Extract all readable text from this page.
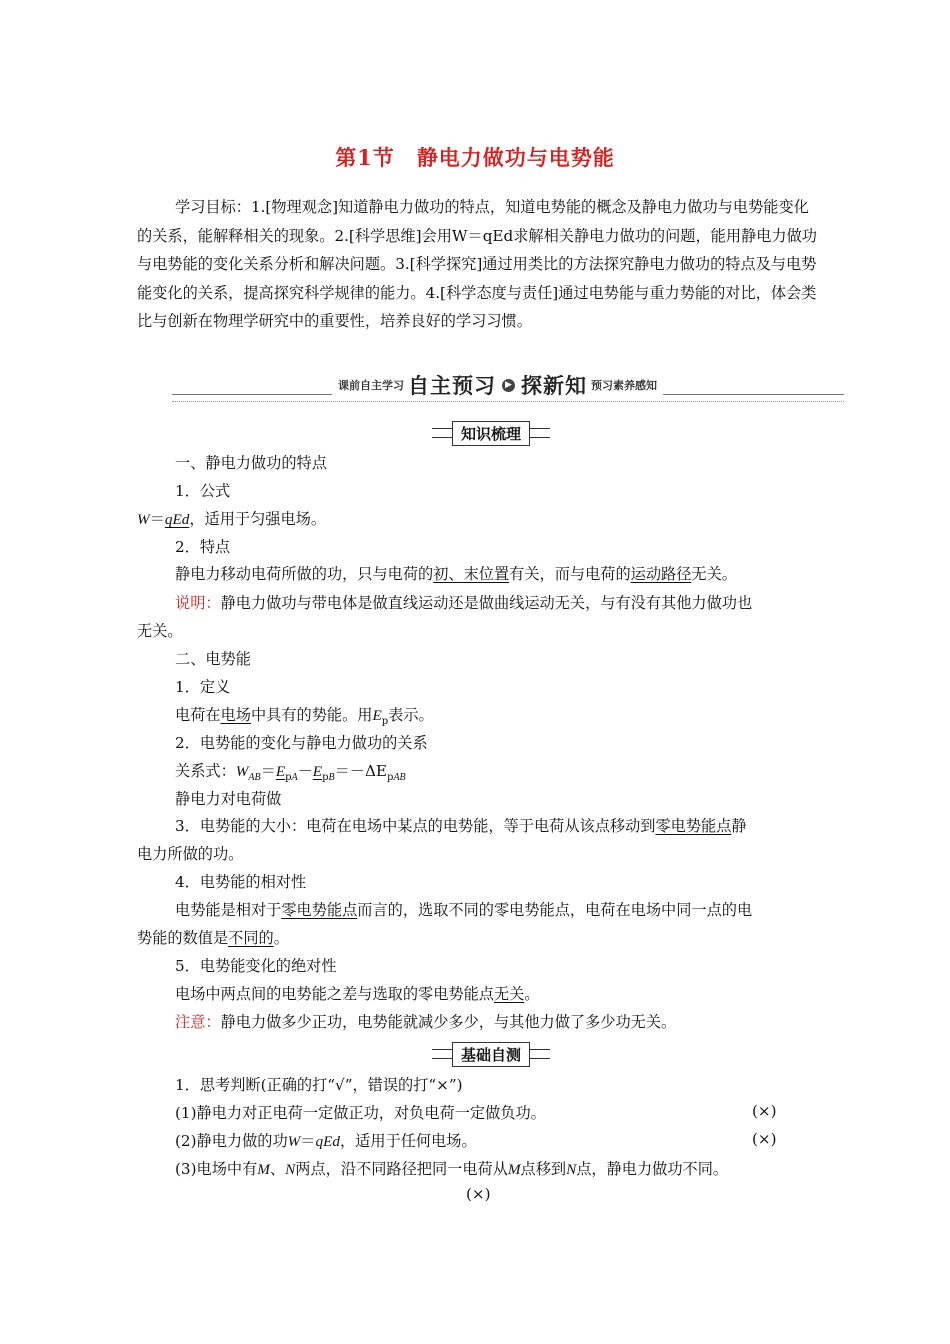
第1节 静电力做功与电势能

学习目标：1.[物理观念]知道静电力做功的特点，知道电势能的概念及静电力做功与电势能变化的关系，能解释相关的现象。2.[科学思维]会用W＝qEd求解相关静电力做功的问题，能用静电力做功与电势能的变化关系分析和解决问题。3.[科学探究]通过用类比的方法探究静电力做功的特点及与电势能变化的关系，提高探究科学规律的能力。4.[科学态度与责任]通过电势能与重力势能的对比，体会类比与创新在物理学研究中的重要性，培养良好的学习习惯。

课前自主学习 自主预习	▶ 探新知 预习素养感知
知识梳理
一、静电力做功的特点
1．公式
W＝qEd，适用于匀强电场。
2．特点
静电力移动电荷所做的功，只与电荷的初、末位置有关，而与电荷的运动路径无关。
说明：静电力做功与带电体是做直线运动还是做曲线运动无关，与有没有其他力做功也
无关。
二、电势能
1．定义
电荷在电场中具有的势能。用$E_p$表示。
2．电势能的变化与静电力做功的关系
关系式：$W_{AB}=E_{pA}-E_{pB}=-\Delta E_{pAB}$
静电力对电荷做
3．电势能的大小：电荷在电场中某点的电势能，等于电荷从该点移动到零电势能点静
电力所做的功。
4．电势能的相对性
电势能是相对于零电势能点而言的，选取不同的零电势能点，电荷在电场中同一点的电
势能的数值是不同的。
5．电势能变化的绝对性
电场中两点间的电势能之差与选取的零电势能点无关。
注意：静电力做多少正功，电势能就减少多少，与其他力做了多少功无关。
基础自测
1．思考判断(正确的打“√”，错误的打“×”)
(1)静电力对正电荷一定做正功，对负电荷一定做负功。	(×)
(2)静电力做的功W＝qEd，适用于任何电场。	(×)
(3)电场中有M、N两点，沿不同路径把同一电荷从M点移到N点，静电力做功不同。
(×)
